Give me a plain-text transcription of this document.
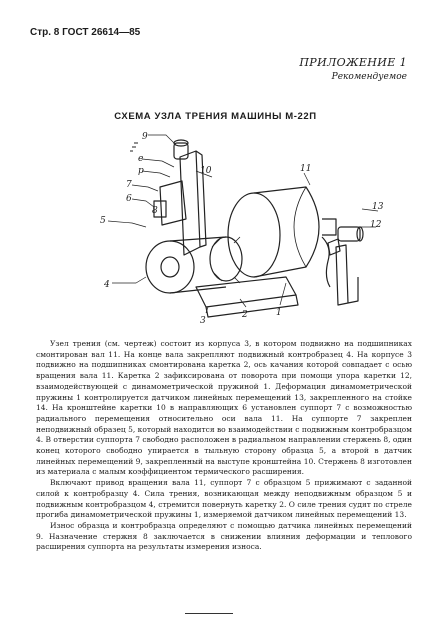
Стр. 8 ГОСТ 26614—85
ПРИЛОЖЕНИЕ 1
Рекомендуемое
СХЕМА УЗЛА ТРЕНИЯ МАШИНЫ М-22П
9
е
р
7
6
5
4
3
2	1
10	11
13
12
8

Узел трения (см. чертеж) состоит из корпуса 3, в котором подвижно на подшипниках смонтирован вал 11. На конце вала закрепляют подвижный контробразец 4. На корпусе 3 подвижно на подшипниках смонтирована каретка 2, ось качания которой совпадает с осью вращения вала 11. Каретка 2 зафиксирована от поворота при помощи упора каретки 12, взаимодействующей с динамометрической пружиной 1. Деформация динамометрической пружины 1 контролируется датчиком линейных перемещений 13, закрепленного на стойке 14. На кронштейне каретки 10 в направляющих 6 установлен суппорт 7 с возможностью радиального перемещения относительно оси вала 11. На суппорте 7 закреплен неподвижный образец 5, который находится во взаимодействии с подвижным контробразцом 4. В отверстии суппорта 7 свободно расположен в радиальном направлении стержень 8, один конец которого свободно упирается в тыльную сторону образца 5, а второй в датчик линейных перемещений 9, закрепленный на выступе кронштейна 10. Стержень 8 изготовлен из материала с малым коэффициентом термического расширения.

Включают привод вращения вала 11, суппорт 7 с образцом 5 прижимают с заданной силой к контробразцу 4. Сила трения, возникающая между неподвижным образцом 5 и подвижным контробразцом 4, стремится повернуть каретку 2. О силе трения судят по стреле прогиба динамометрической пружины 1, измеряемой датчиком линейных перемещений 13.

Износ образца и контробразца определяют с помощью датчика линейных перемещений 9. Назначение стержня 8 заключается в снижении влияния деформации и теплового расширения суппорта на результаты измерения износа.
